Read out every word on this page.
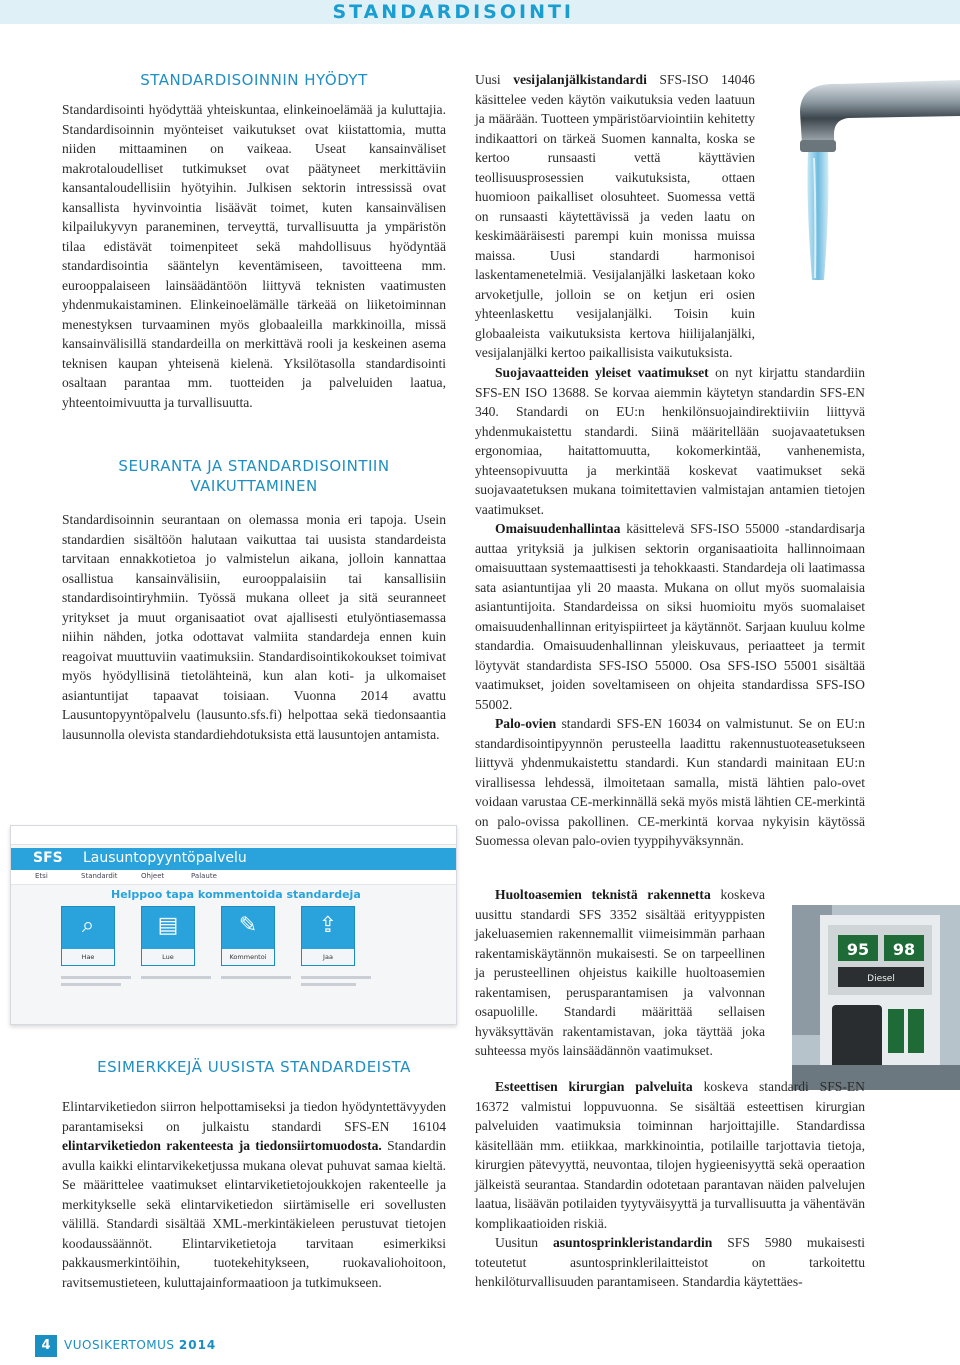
STANDARDISOINTI
STANDARDISOINNIN HYÖDYT

Standardisointi hyödyttää yhteiskuntaa, elinkeinoelämää ja kuluttajia. Standardisoinnin myönteiset vaikutukset ovat kiistattomia, mutta niiden mittaaminen on vaikeaa. Useat kansainväliset makrotaloudelliset tutkimukset ovat päätyneet merkittäviin kansantaloudellisiin hyötyihin. Julkisen sektorin intressissä ovat kansallista hyvinvointia lisäävät toimet, kuten kansainvälisen kilpailukyvyn paraneminen, terveyttä, turvallisuutta ja ympäristön tilaa edistävät toimenpiteet sekä mahdollisuus hyödyntää standardisointia sääntelyn keventämiseen, tavoitteena mm. eurooppalaiseen lainsäädäntöön liittyvä teknisten vaatimusten yhdenmukaistaminen. Elinkeinoelämälle tärkeää on liiketoiminnan menestyksen turvaaminen myös globaaleilla markkinoilla, missä kansainvälisillä standardeilla on merkittävä rooli ja keskeinen asema teknisen kaupan yhteisenä kielenä. Yksilötasolla standardisointi osaltaan parantaa mm. tuotteiden ja palveluiden laatua, yhteentoimivuutta ja turvallisuutta.

SEURANTA JA STANDARDISOINTIIN
VAIKUTTAMINEN

Standardisoinnin seurantaan on olemassa monia eri tapoja. Usein standardien sisältöön halutaan vaikuttaa tai uusista standardeista tarvitaan ennakkotietoa jo valmistelun aikana, jolloin kannattaa osallistua kansainvälisiin, eurooppalaisiin tai kansallisiin standardisointiryhmiin. Työssä mukana olleet ja sitä seuranneet yritykset ja muut organisaatiot ovat ajallisesti etulyöntiasemassa niihin nähden, jotka odottavat valmiita standardeja ennen kuin reagoivat muuttuviin vaatimuksiin. Standardisointikokoukset toimivat myös hyödyllisinä tietolähteinä, kun alan koti- ja ulkomaiset asiantuntijat tapaavat toisiaan. Vuonna 2014 avattu Lausuntopyyntöpalvelu (lausunto.sfs.fi) helpottaa sekä tiedonsaantia lausunnolla olevista standardiehdotuksista että lausuntojen antamista.

SFS Lausuntopyyntöpalvelu
Etsi	Standardit	Ohjeet	Palaute
Helppoo tapa kommentoida standardeja
⌕
Hae
▤
Lue
✎
Kommentoi
⇪
Jaa
ESIMERKKEJÄ UUSISTA STANDARDEISTA

Elintarviketiedon siirron helpottamiseksi ja tiedon hyödyntettävyyden parantamiseksi on julkaistu standardi SFS-EN 16104 elintarviketiedon rakenteesta ja tiedonsiirtomuodosta. Standardin avulla kaikki elintarvikeketjussa mukana olevat puhuvat samaa kieltä. Se määrittelee vaatimukset elintarviketietojoukkojen rakenteelle ja merkitykselle sekä elintarviketiedon siirtämiselle eri sovellusten välillä. Standardi sisältää XML-merkintäkieleen perustuvat tietojen koodaussäännöt. Elintarviketietoja tarvitaan esimerkiksi pakkausmerkintöihin, tuotekehitykseen, ruokavaliohoitoon, ravitsemustieteen, kuluttajainformaatioon ja tutkimukseen.

Uusi vesijalanjälkistandardi SFS-ISO 14046 käsittelee veden käytön vaikutuksia veden laatuun ja määrään. Tuotteen ympäristöarviointiin kehitetty indikaattori on tärkeä Suomen kannalta, koska se kertoo runsaasti vettä käyttävien teollisuusprosessien vaikutuksista, ottaen huomioon paikalliset olosuhteet. Suomessa vettä on runsaasti käytettävissä ja veden laatu on keskimääräisesti parempi kuin monissa muissa maissa. Uusi standardi harmonisoi laskentamenetelmiä. Vesijalanjälki lasketaan koko arvoketjulle, jolloin se on ketjun eri osien yhteenlaskettu vesijalanjälki. Toisin kuin globaaleista vaikutuksista kertova hiilijalanjälki, vesijalanjälki kertoo paikallisista vaikutuksista.

Suojavaatteiden yleiset vaatimukset on nyt kirjattu standardiin SFS-EN ISO 13688. Se korvaa aiemmin käytetyn standardin SFS-EN 340. Standardi on EU:n henkilönsuojaindirektiiviin liittyvä yhdenmukaistettu standardi. Siinä määritellään suojavaatetuksen ergonomiaa, haitattomuutta, kokomerkintää, vanhenemista, yhteensopivuutta ja merkintää koskevat vaatimukset sekä suojavaatetuksen mukana toimitettavien valmistajan antamien tietojen vaatimukset.

Omaisuudenhallintaa käsittelevä SFS-ISO 55000 -standardisarja auttaa yrityksiä ja julkisen sektorin organisaatioita hallinnoimaan omaisuuttaan systemaattisesti ja tehokkaasti. Standardeja oli laatimassa sata asiantuntijaa yli 20 maasta. Mukana on ollut myös suomalaisia asiantuntijoita. Standardeissa on siksi huomioitu myös suomalaiset omaisuudenhallinnan erityispiirteet ja käytännöt. Sarjaan kuuluu kolme standardia. Omaisuudenhallinnan yleiskuvaus, periaatteet ja termit löytyvät standardista SFS-ISO 55000. Osa SFS-ISO 55001 sisältää vaatimukset, joiden soveltamiseen on ohjeita standardissa SFS-ISO 55002.

Palo-ovien standardi SFS-EN 16034 on valmistunut. Se on EU:n standardisointipyynnön perusteella laadittu rakennustuoteasetukseen liittyvä yhdenmukaistettu standardi. Kun standardi mainitaan EU:n virallisessa lehdessä, ilmoitetaan samalla, mistä lähtien palo-ovet voidaan varustaa CE-merkinnällä sekä myös mistä lähtien CE-merkintä on palo-ovissa pakollinen. CE-merkintä korvaa nykyisin käytössä Suomessa olevan palo-ovien tyyppihyväksynnän.

Huoltoasemien teknistä rakennetta koskeva uusittu standardi SFS 3352 sisältää erityyppisten jakeluasemien rakennemallit viimeisimmän parhaan rakentamiskäytännön mukaisesti. Se on tarpeellinen ja perusteellinen ohjeistus kaikille huoltoasemien rakentamisen, perusparantamisen ja valvonnan osapuolille. Standardi määrittää sellaisen hyväksyttävän rakentamistavan, joka täyttää joka suhteessa myös lainsäädännön vaatimukset.

95 98
Diesel

Esteettisen kirurgian palveluita koskeva standardi SFS-EN 16372 valmistui loppuvuonna. Se sisältää esteettisen kirurgian palveluiden vaatimuksia toiminnan harjoittajille. Standardissa käsitellään mm. etiikkaa, markkinointia, potilaille tarjottavia tietoja, kirurgien pätevyyttä, neuvontaa, tilojen hygieenisyyttä sekä operaation jälkeistä seurantaa. Standardin odotetaan parantavan näiden palvelujen laatua, lisäävän potilaiden tyytyväisyyttä ja turvallisuutta ja vähentävän komplikaatioiden riskiä.

Uusitun asuntosprinkleristandardin SFS 5980 mukaisesti toteutetut asuntosprinklerilaitteistot on tarkoitettu henkilöturvallisuuden parantamiseen. Standardia käytettäes-

4	VUOSIKERTOMUS 2014
